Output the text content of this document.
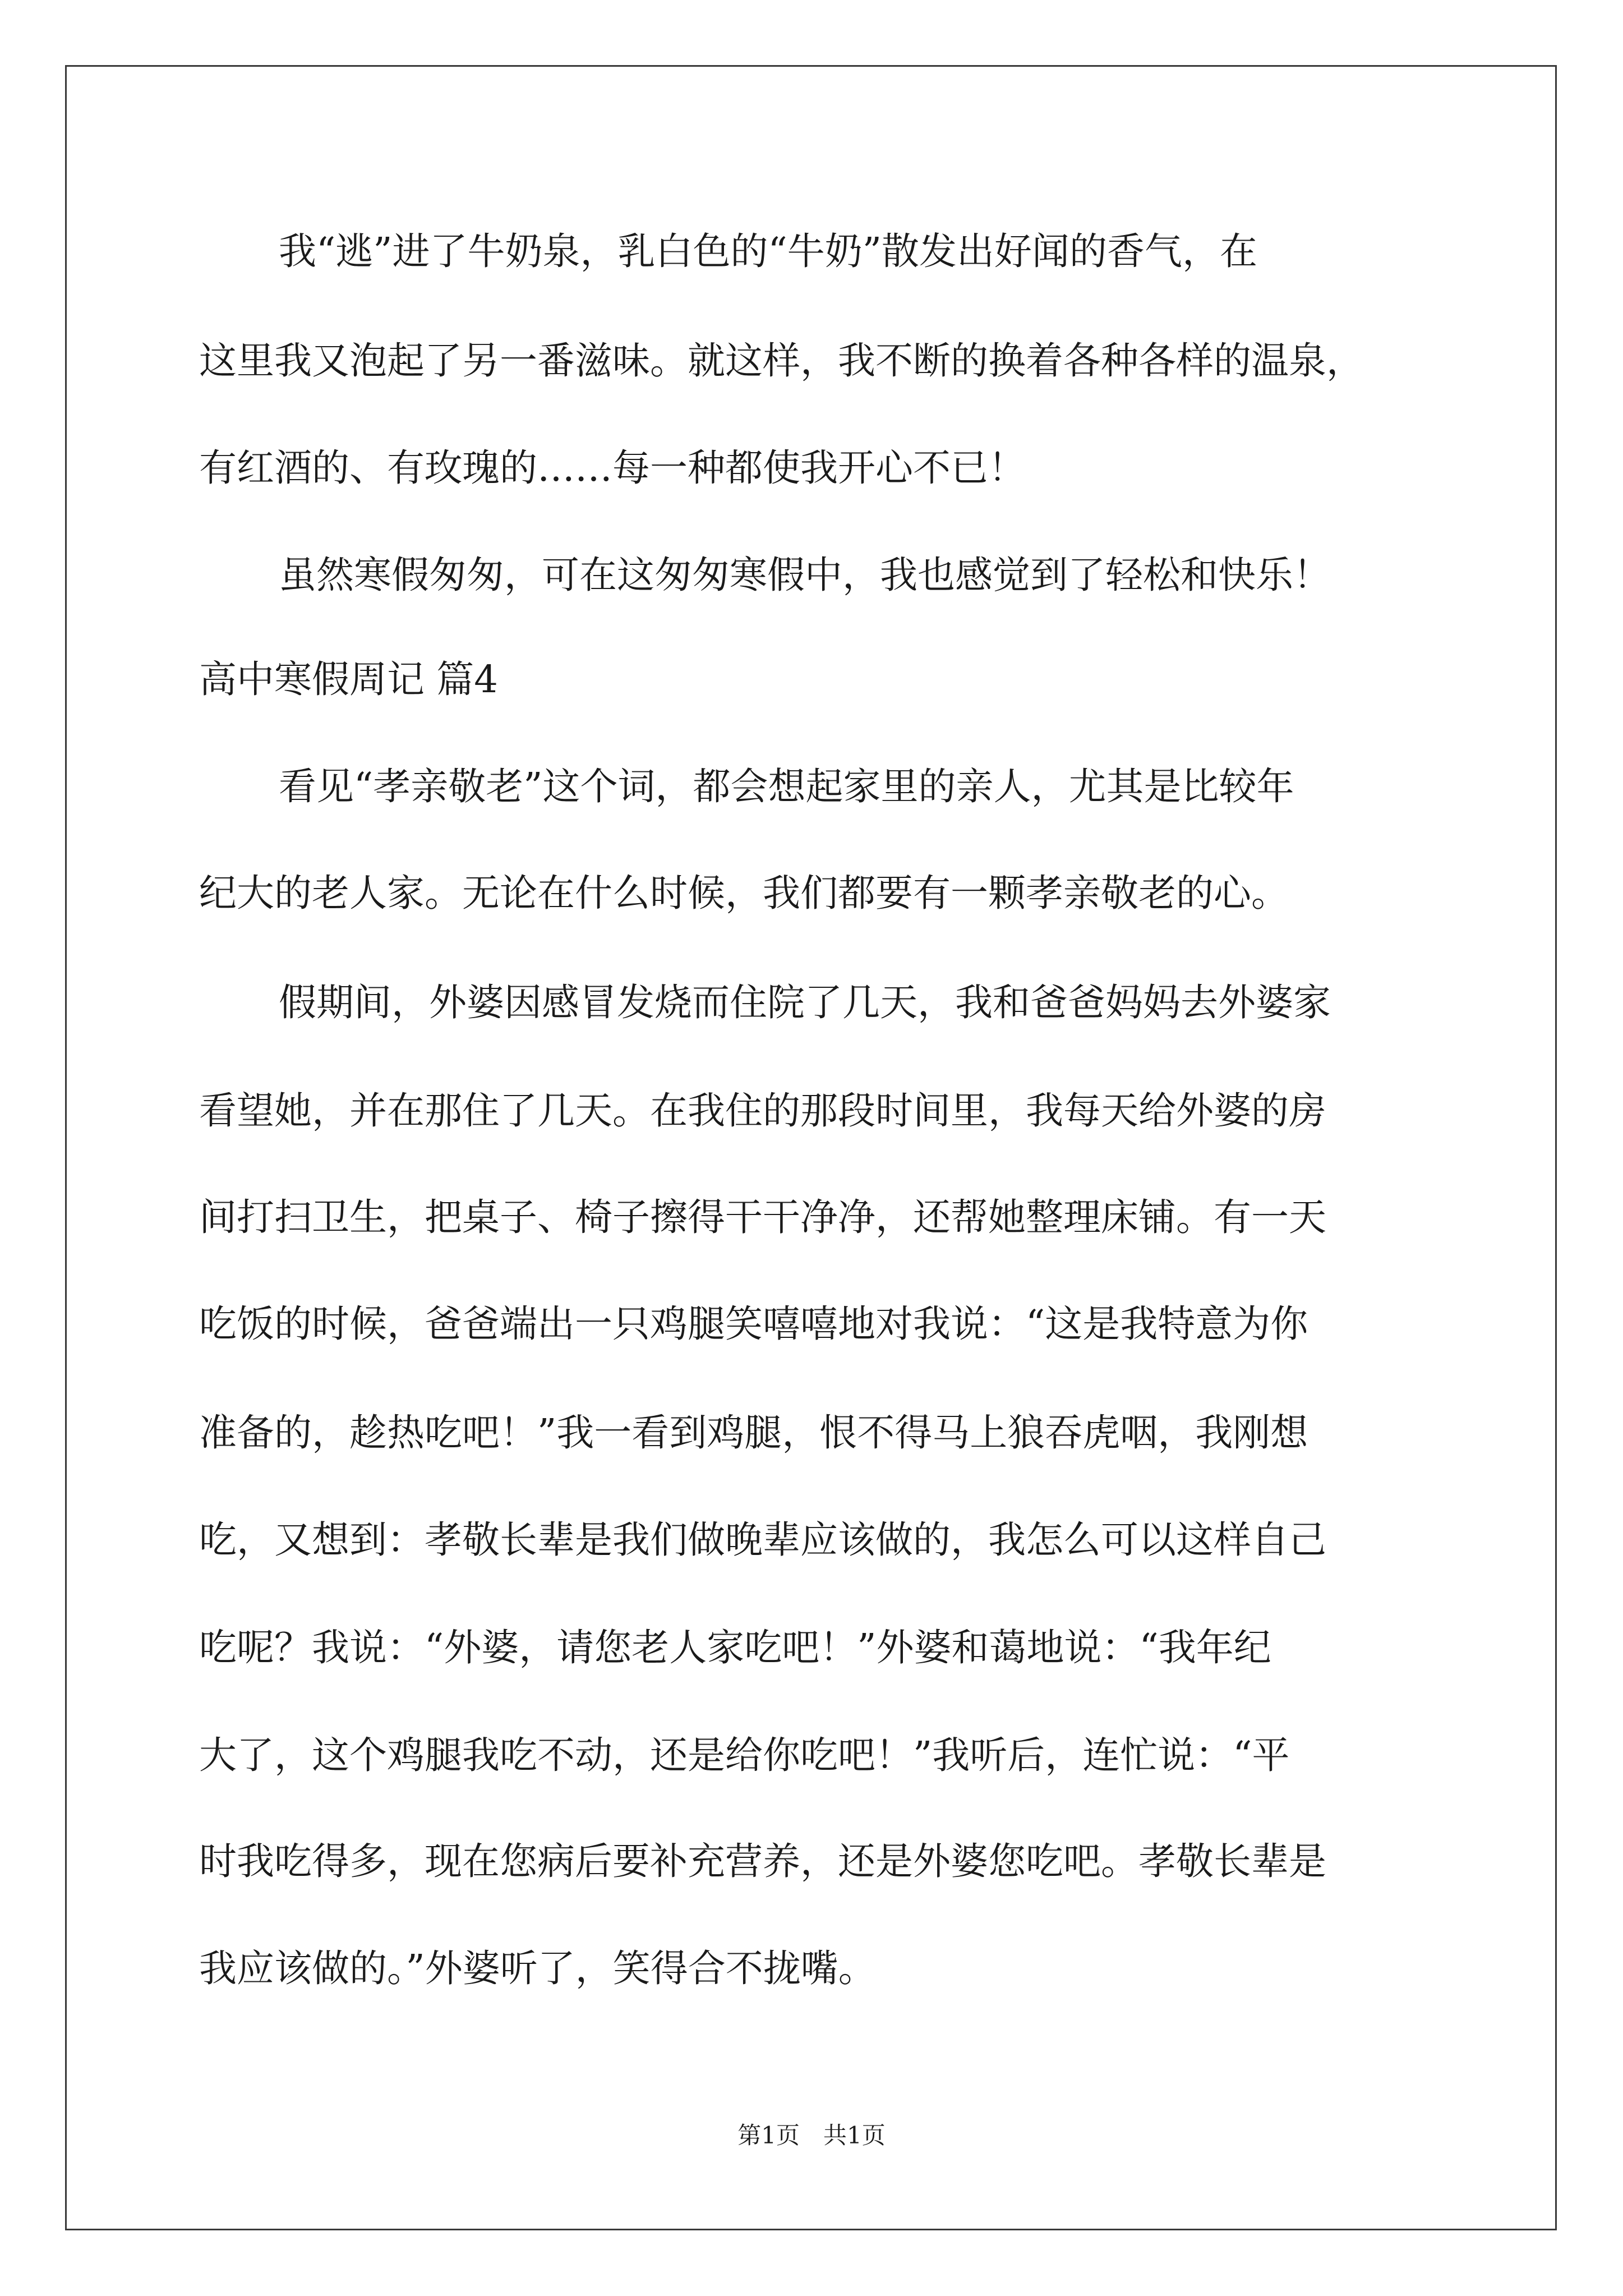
我“逃”进了牛奶泉，乳白色的“牛奶”散发出好闻的香气，在
这里我又泡起了另一番滋味。就这样，我不断的换着各种各样的温泉，
有红酒的、有玫瑰的……每一种都使我开心不已！
虽然寒假匆匆，可在这匆匆寒假中，我也感觉到了轻松和快乐！
高中寒假周记 篇4
看见“孝亲敬老”这个词，都会想起家里的亲人，尤其是比较年
纪大的老人家。无论在什么时候，我们都要有一颗孝亲敬老的心。
假期间，外婆因感冒发烧而住院了几天，我和爸爸妈妈去外婆家
看望她，并在那住了几天。在我住的那段时间里，我每天给外婆的房
间打扫卫生，把桌子、椅子擦得干干净净，还帮她整理床铺。有一天
吃饭的时候，爸爸端出一只鸡腿笑嘻嘻地对我说：“这是我特意为你
准备的，趁热吃吧！”我一看到鸡腿，恨不得马上狼吞虎咽，我刚想
吃，又想到：孝敬长辈是我们做晚辈应该做的，我怎么可以这样自己
吃呢？我说：“外婆，请您老人家吃吧！”外婆和蔼地说：“我年纪
大了，这个鸡腿我吃不动，还是给你吃吧！”我听后，连忙说：“平
时我吃得多，现在您病后要补充营养，还是外婆您吃吧。孝敬长辈是
我应该做的。”外婆听了，笑得合不拢嘴。
第1页　共1页
